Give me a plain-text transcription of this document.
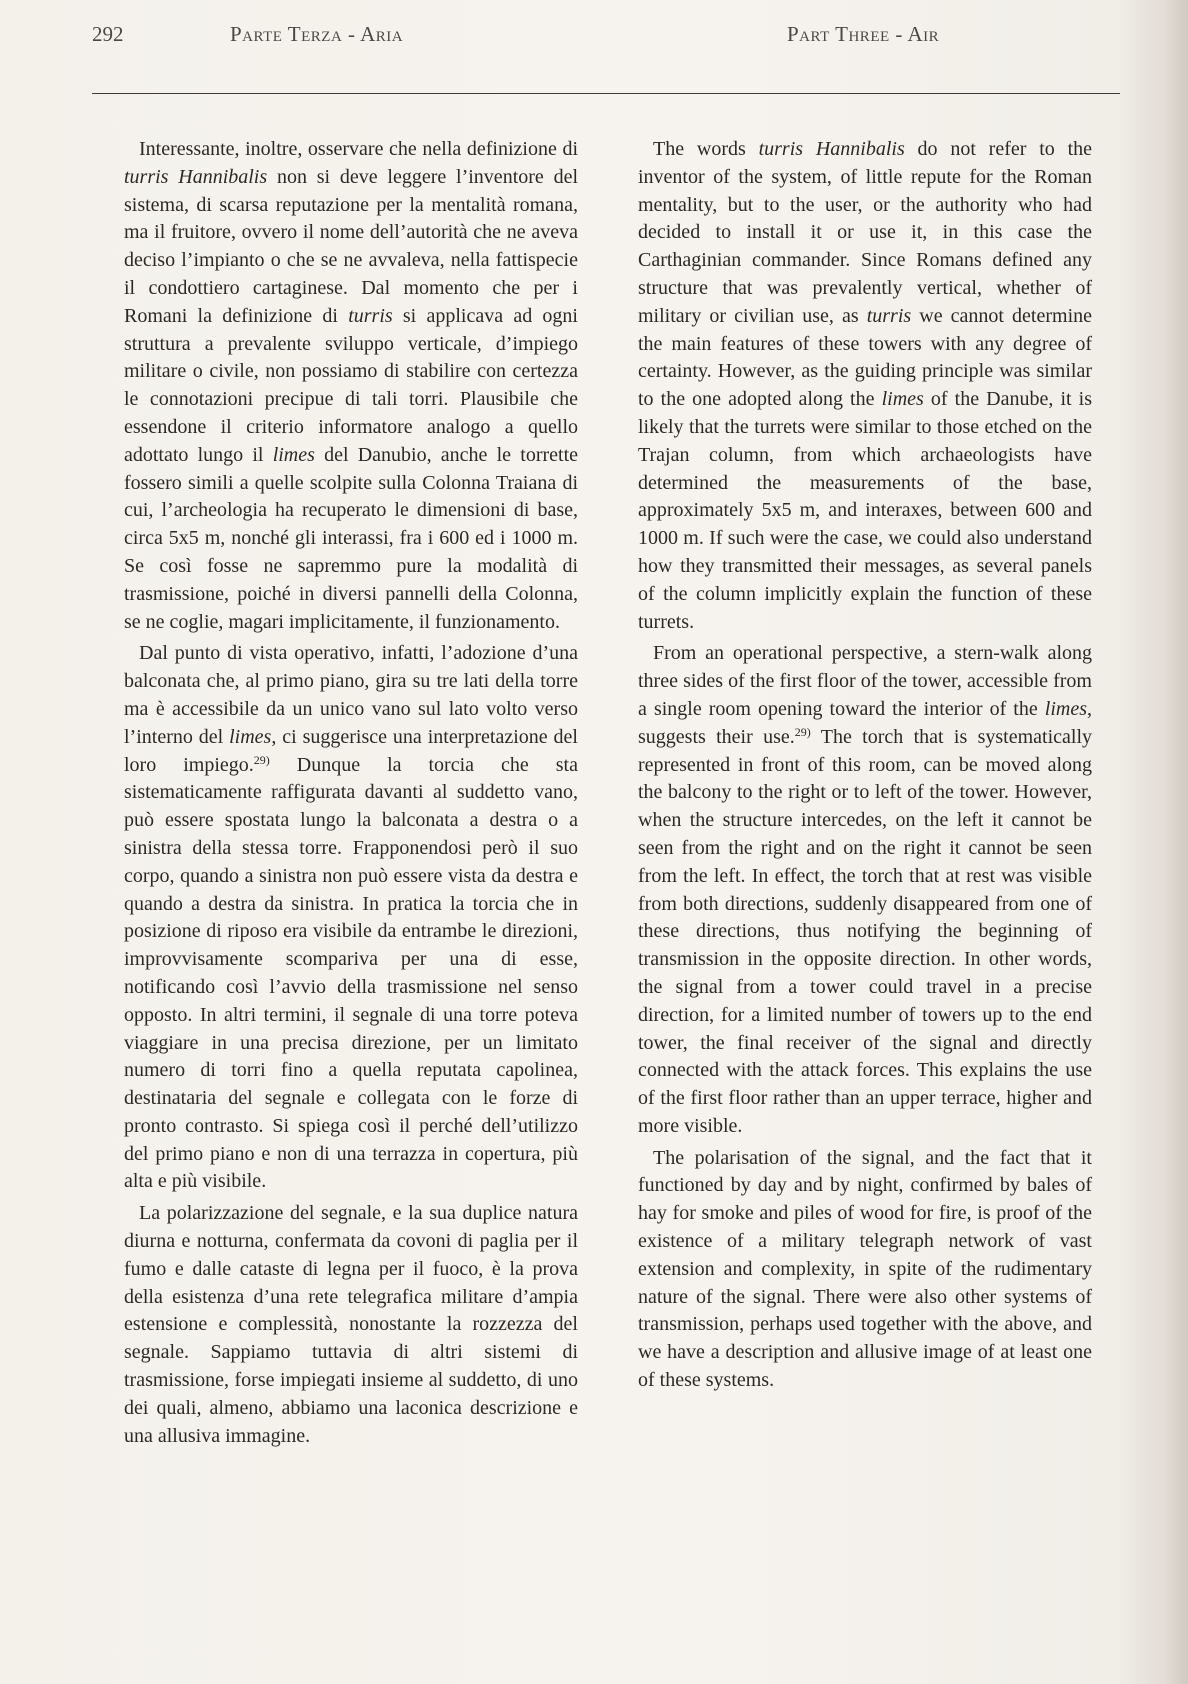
292	Parte Terza - Aria	Part Three - Air

Interessante, inoltre, osservare che nella definizione di turris Hannibalis non si deve leggere l’inventore del sistema, di scarsa reputazione per la mentalità romana, ma il fruitore, ovvero il nome dell’autorità che ne aveva deciso l’impianto o che se ne avvaleva, nella fattispecie il condottiero cartaginese. Dal momento che per i Romani la definizione di turris si applicava ad ogni struttura a prevalente sviluppo verticale, d’impiego militare o civile, non possiamo di stabilire con certezza le connotazioni precipue di tali torri. Plausibile che essendone il criterio informatore analogo a quello adottato lungo il limes del Danubio, anche le torrette fossero simili a quelle scolpite sulla Colonna Traiana di cui, l’archeologia ha recuperato le dimensioni di base, circa 5x5 m, nonché gli interassi, fra i 600 ed i 1000 m. Se così fosse ne sapremmo pure la modalità di trasmissione, poiché in diversi pannelli della Colonna, se ne coglie, magari implicitamente, il funzionamento.

Dal punto di vista operativo, infatti, l’adozione d’una balconata che, al primo piano, gira su tre lati della torre ma è accessibile da un unico vano sul lato volto verso l’interno del limes, ci suggerisce una interpretazione del loro impiego.$^{29)}$ Dunque la torcia che sta sistematicamente raffigurata davanti al suddetto vano, può essere spostata lungo la balconata a destra o a sinistra della stessa torre. Frapponendosi però il suo corpo, quando a sinistra non può essere vista da destra e quando a destra da sinistra. In pratica la torcia che in posizione di riposo era visibile da entrambe le direzioni, improvvisamente scompariva per una di esse, notificando così l’avvio della trasmissione nel senso opposto. In altri termini, il segnale di una torre poteva viaggiare in una precisa direzione, per un limitato numero di torri fino a quella reputata capolinea, destinataria del segnale e collegata con le forze di pronto contrasto. Si spiega così il perché dell’utilizzo del primo piano e non di una terrazza in copertura, più alta e più visibile.

La polarizzazione del segnale, e la sua duplice natura diurna e notturna, confermata da covoni di paglia per il fumo e dalle cataste di legna per il fuoco, è la prova della esistenza d’una rete telegrafica militare d’ampia estensione e complessità, nonostante la rozzezza del segnale. Sappiamo tuttavia di altri sistemi di trasmissione, forse impiegati insieme al suddetto, di uno dei quali, almeno, abbiamo una laconica descrizione e una allusiva immagine.

The words turris Hannibalis do not refer to the inventor of the system, of little repute for the Roman mentality, but to the user, or the authority who had decided to install it or use it, in this case the Carthaginian commander. Since Romans defined any structure that was prevalently vertical, whether of military or civilian use, as turris we cannot determine the main features of these towers with any degree of certainty. However, as the guiding principle was similar to the one adopted along the limes of the Danube, it is likely that the turrets were similar to those etched on the Trajan column, from which archaeologists have determined the measurements of the base, approximately 5x5 m, and interaxes, between 600 and 1000 m. If such were the case, we could also understand how they transmitted their messages, as several panels of the column implicitly explain the function of these turrets.

From an operational perspective, a stern-walk along three sides of the first floor of the tower, accessible from a single room opening toward the interior of the limes, suggests their use.$^{29)}$ The torch that is systematically represented in front of this room, can be moved along the balcony to the right or to left of the tower. However, when the structure intercedes, on the left it cannot be seen from the right and on the right it cannot be seen from the left. In effect, the torch that at rest was visible from both directions, suddenly disappeared from one of these directions, thus notifying the beginning of transmission in the opposite direction. In other words, the signal from a tower could travel in a precise direction, for a limited number of towers up to the end tower, the final receiver of the signal and directly connected with the attack forces. This explains the use of the first floor rather than an upper terrace, higher and more visible.

The polarisation of the signal, and the fact that it functioned by day and by night, confirmed by bales of hay for smoke and piles of wood for fire, is proof of the existence of a military telegraph network of vast extension and complexity, in spite of the rudimentary nature of the signal. There were also other systems of transmission, perhaps used together with the above, and we have a description and allusive image of at least one of these systems.
